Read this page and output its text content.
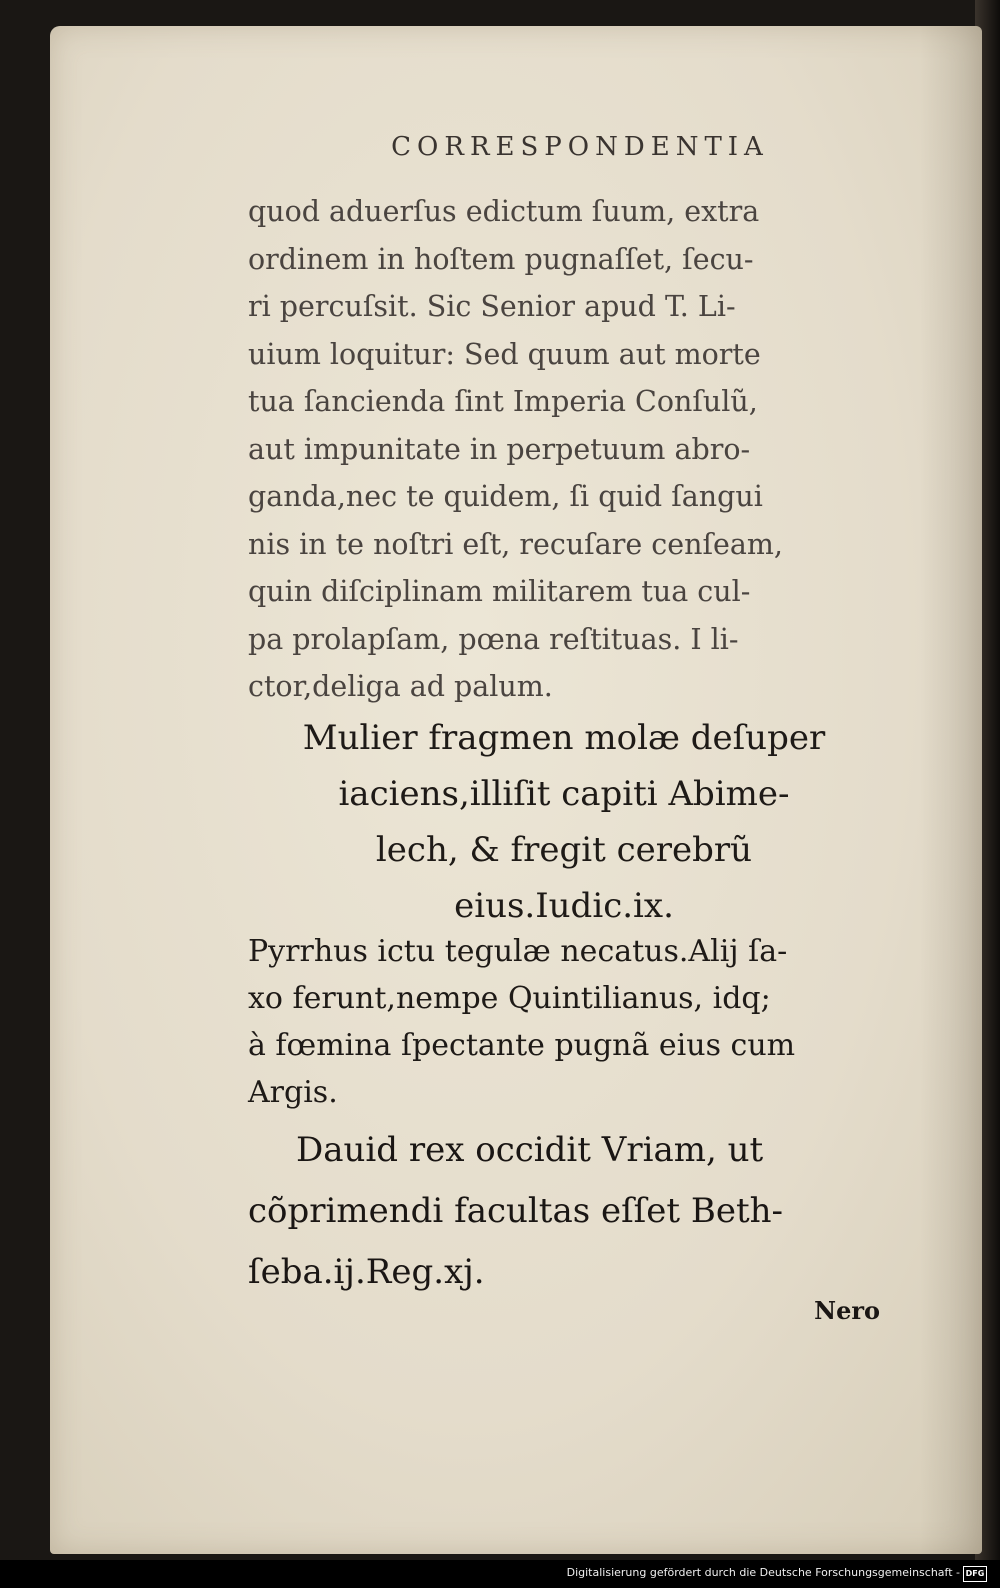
CORRESPONDENTIA
quod aduerſus edictum ſuum, extra
ordinem in hoſtem pugnaſſet, ſecu-
ri percuſsit. Sic Senior apud T. Li-
uium loquitur: Sed quum aut morte
tua ſancienda ſint Imperia Conſulũ,
aut impunitate in perpetuum abro-
ganda,nec te quidem, ſi quid ſangui
nis in te noſtri eſt, recuſare cenſeam,
quin diſciplinam militarem tua cul-
pa prolapſam, pœna reſtituas. I li-
ctor,deliga ad palum.
Mulier fragmen molæ deſuper
iaciens,illiſit capiti Abime-
lech, & fregit cerebrũ
eius.Iudic.ix.
Pyrrhus ictu tegulæ necatus.Alij ſa-
xo ferunt,nempe Quintilianus, idq;
à fœmina ſpectante pugnã eius cum
Argis.
Dauid rex occidit Vriam, ut
cõprimendi facultas eſſet Beth-
ſeba.ij.Reg.xj.
Nero
Digitalisierung gefördert durch die Deutsche Forschungsgemeinschaft - DFG
